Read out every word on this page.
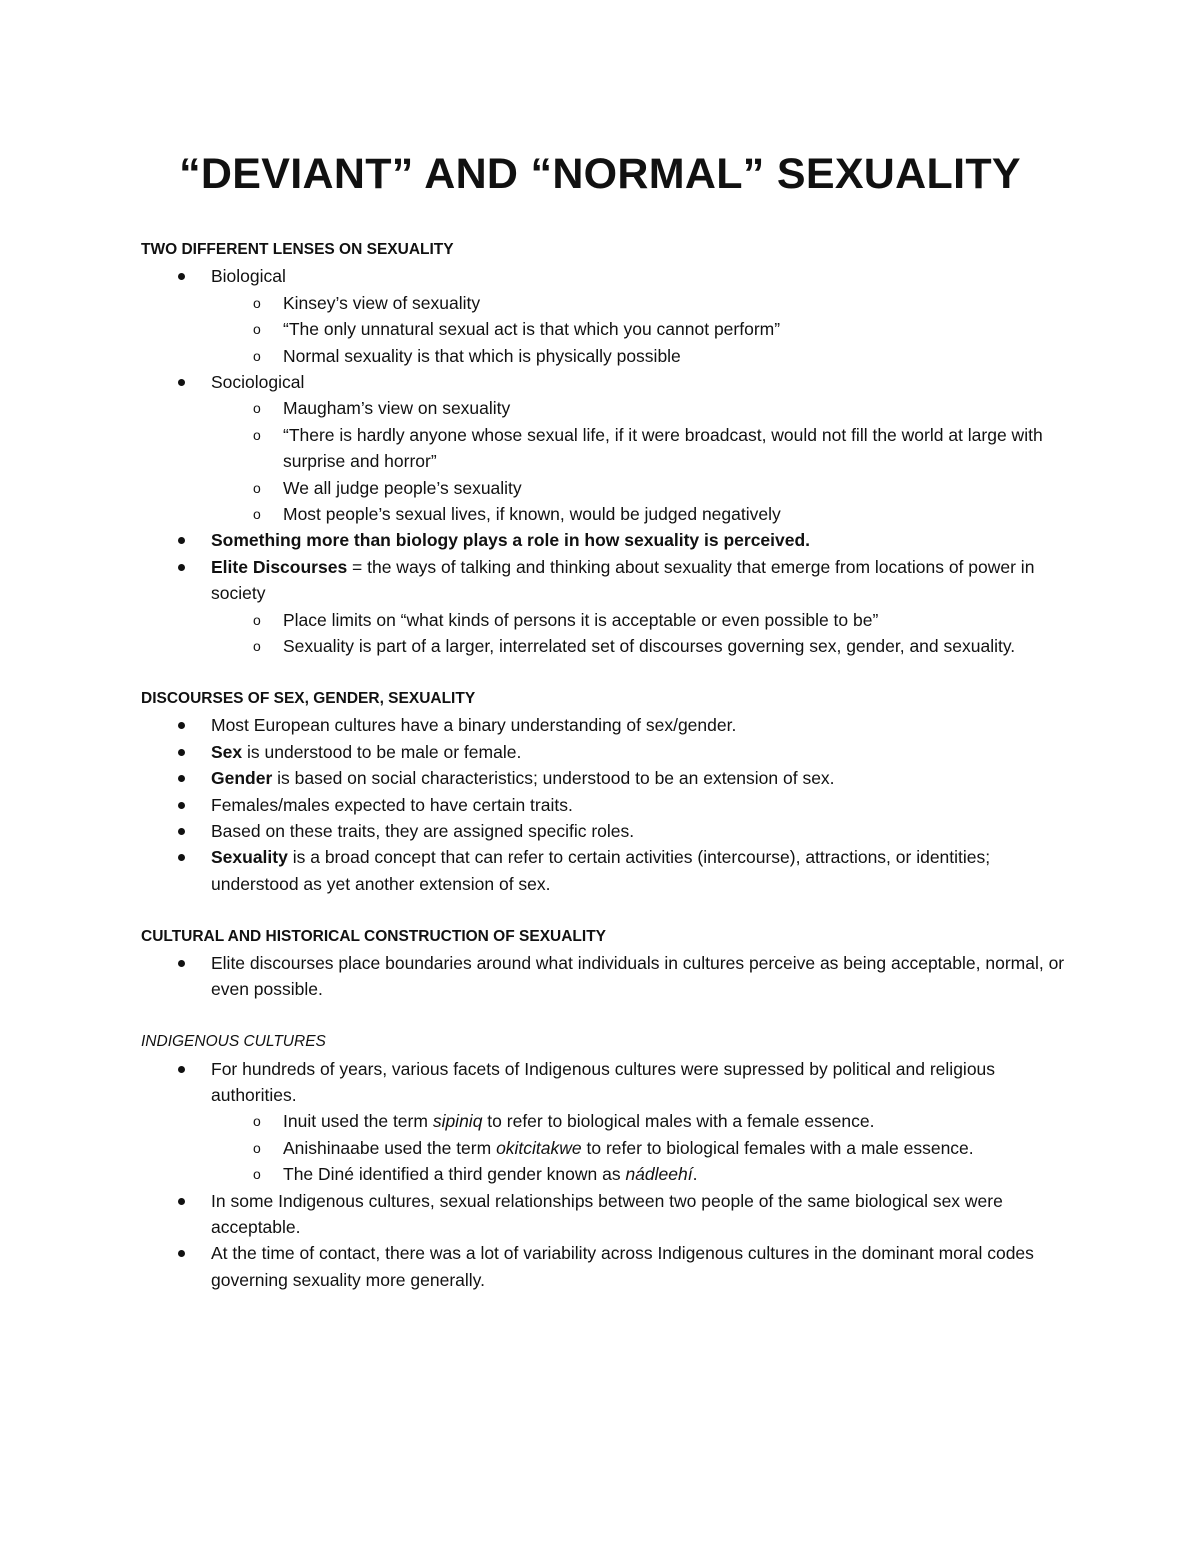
“DEVIANT” AND “NORMAL” SEXUALITY
TWO DIFFERENT LENSES ON SEXUALITY
Biological
o Kinsey’s view of sexuality
o “The only unnatural sexual act is that which you cannot perform”
o Normal sexuality is that which is physically possible
Sociological
o Maugham’s view on sexuality
o “There is hardly anyone whose sexual life, if it were broadcast, would not fill the world at large with surprise and horror”
o We all judge people’s sexuality
o Most people’s sexual lives, if known, would be judged negatively
Something more than biology plays a role in how sexuality is perceived.
Elite Discourses = the ways of talking and thinking about sexuality that emerge from locations of power in society
o Place limits on “what kinds of persons it is acceptable or even possible to be”
o Sexuality is part of a larger, interrelated set of discourses governing sex, gender, and sexuality.
DISCOURSES OF SEX, GENDER, SEXUALITY
Most European cultures have a binary understanding of sex/gender.
Sex is understood to be male or female.
Gender is based on social characteristics; understood to be an extension of sex.
Females/males expected to have certain traits.
Based on these traits, they are assigned specific roles.
Sexuality is a broad concept that can refer to certain activities (intercourse), attractions, or identities; understood as yet another extension of sex.
CULTURAL AND HISTORICAL CONSTRUCTION OF SEXUALITY
Elite discourses place boundaries around what individuals in cultures perceive as being acceptable, normal, or even possible.
INDIGENOUS CULTURES
For hundreds of years, various facets of Indigenous cultures were supressed by political and religious authorities.
o Inuit used the term sipiniq to refer to biological males with a female essence.
o Anishinaabe used the term okitcitakwe to refer to biological females with a male essence.
o The Diné identified a third gender known as nádleehí.
In some Indigenous cultures, sexual relationships between two people of the same biological sex were acceptable.
At the time of contact, there was a lot of variability across Indigenous cultures in the dominant moral codes governing sexuality more generally.
